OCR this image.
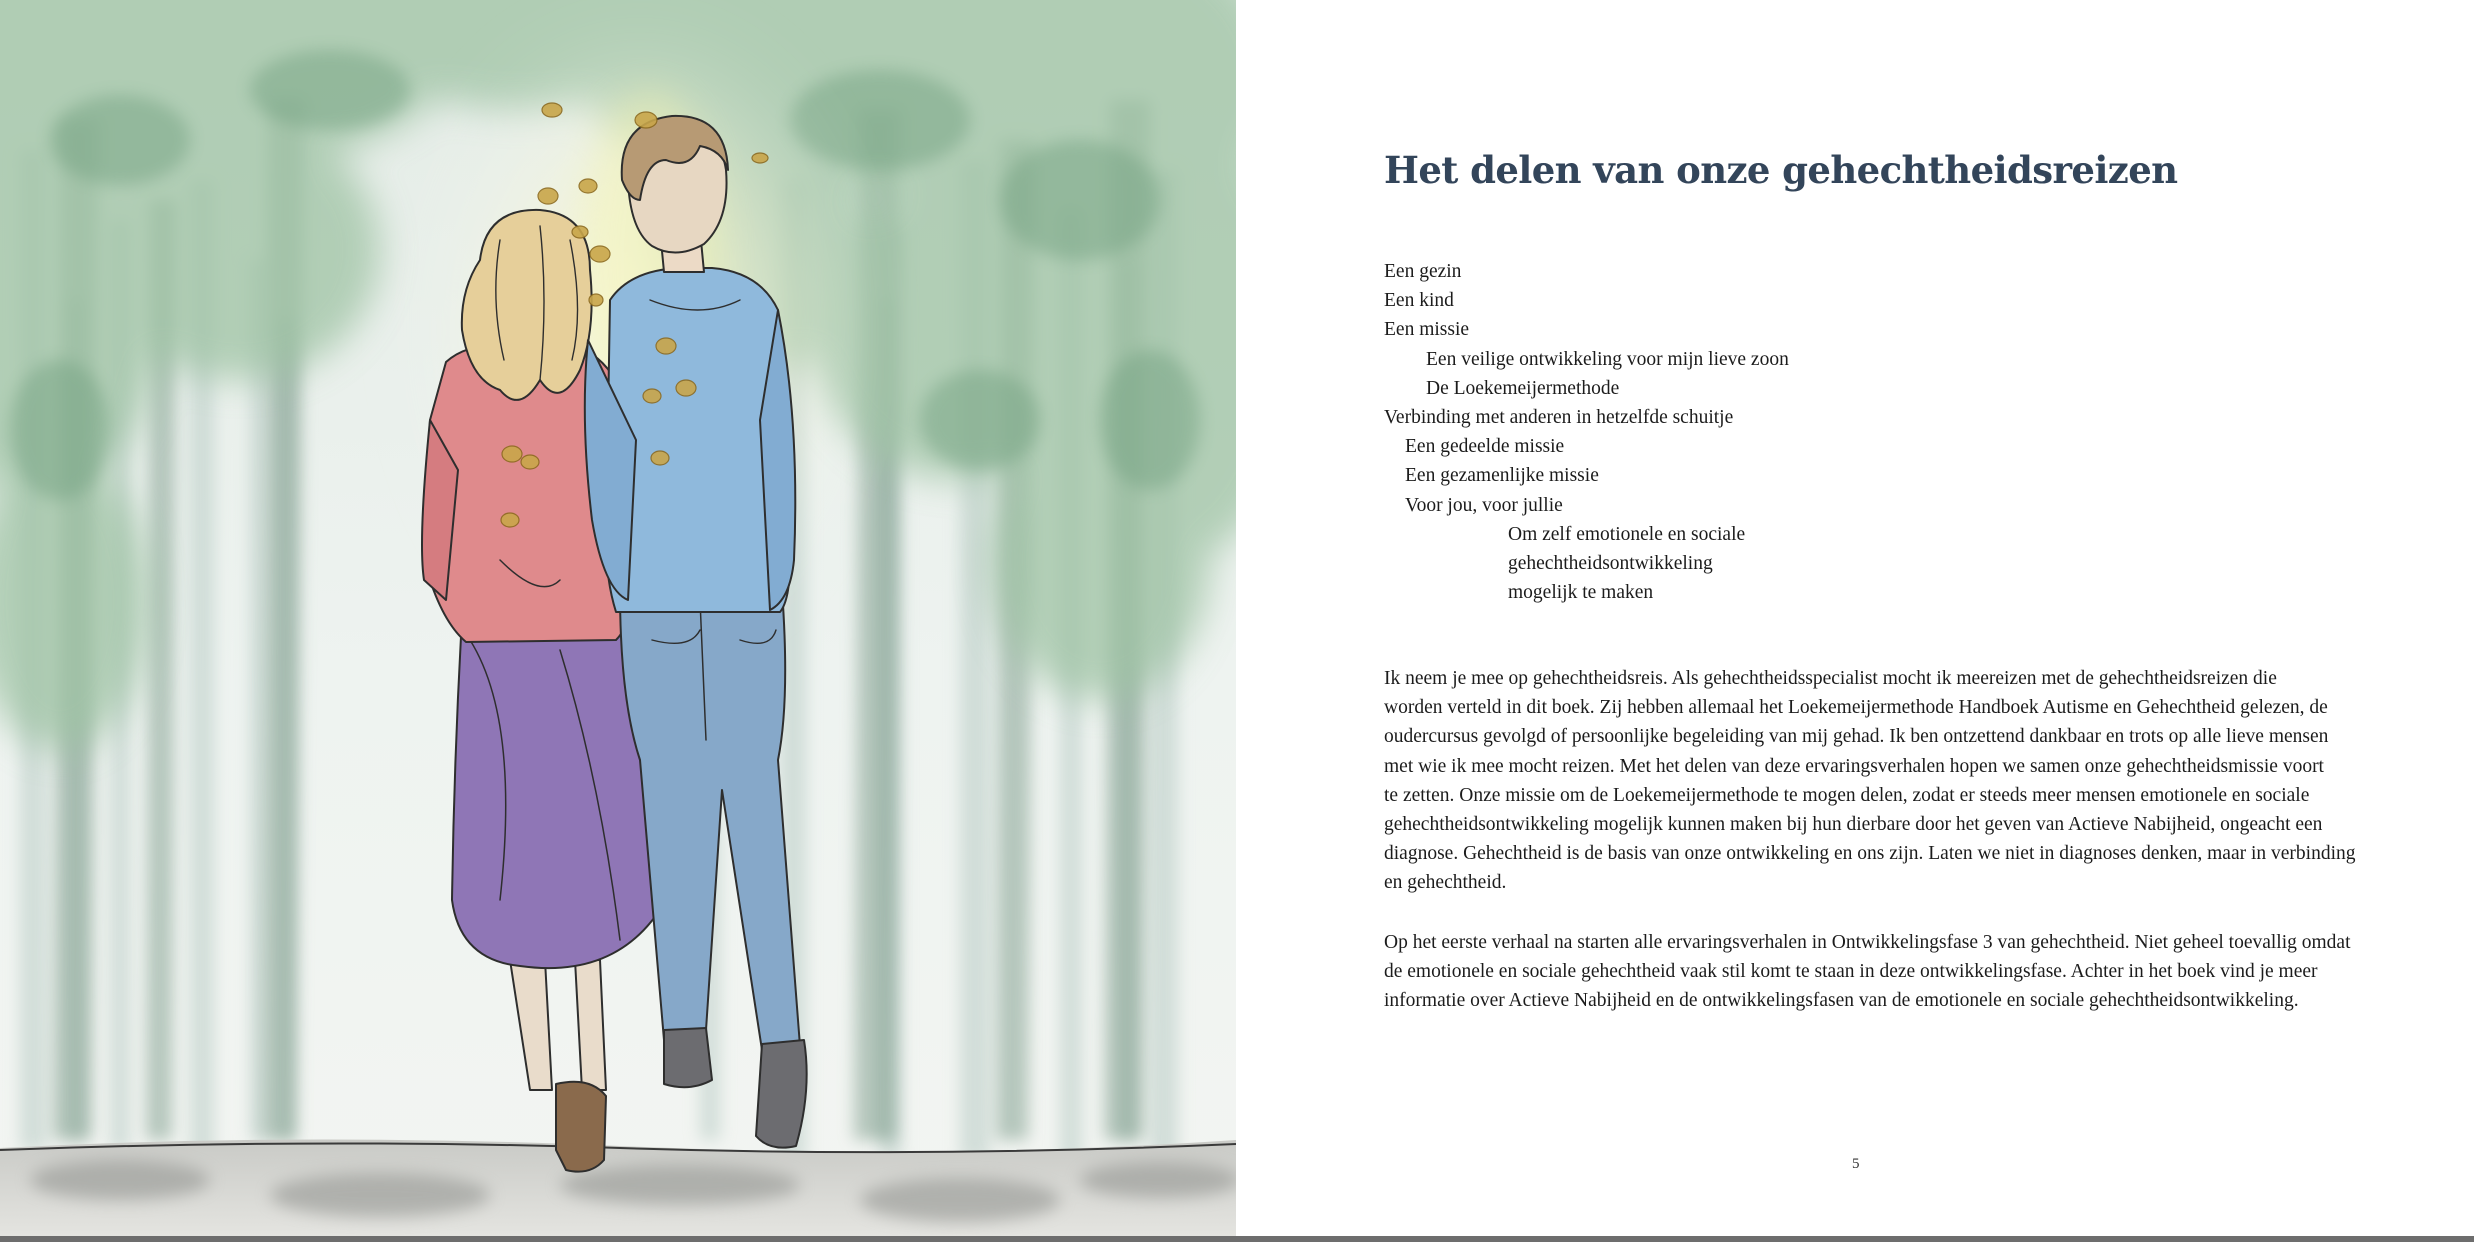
Het delen van onze gehechtheidsreizen
Een gezin
Een kind
Een missie
Een veilige ontwikkeling voor mijn lieve zoon
De Loekemeijermethode
Verbinding met anderen in hetzelfde schuitje
Een gedeelde missie
Een gezamenlijke missie
Voor jou, voor jullie
Om zelf emotionele en sociale
gehechtheidsontwikkeling
mogelijk te maken

Ik neem je mee op gehechtheidsreis. Als gehechtheidsspecialist mocht ik meereizen met de gehechtheidsreizen die
worden verteld in dit boek. Zij hebben allemaal het Loekemeijermethode Handboek Autisme en Gehechtheid gelezen, de
oudercursus gevolgd of persoonlijke begeleiding van mij gehad. Ik ben ontzettend dankbaar en trots op alle lieve mensen
met wie ik mee mocht reizen. Met het delen van deze ervaringsverhalen hopen we samen onze gehechtheidsmissie voort
te zetten. Onze missie om de Loekemeijermethode te mogen delen, zodat er steeds meer mensen emotionele en sociale
gehechtheidsontwikkeling mogelijk kunnen maken bij hun dierbare door het geven van Actieve Nabijheid, ongeacht een
diagnose. Gehechtheid is de basis van onze ontwikkeling en ons zijn. Laten we niet in diagnoses denken, maar in verbinding
en gehechtheid.

Op het eerste verhaal na starten alle ervaringsverhalen in Ontwikkelingsfase 3 van gehechtheid. Niet geheel toevallig omdat
de emotionele en sociale gehechtheid vaak stil komt te staan in deze ontwikkelingsfase. Achter in het boek vind je meer
informatie over Actieve Nabijheid en de ontwikkelingsfasen van de emotionele en sociale gehechtheidsontwikkeling.

5
